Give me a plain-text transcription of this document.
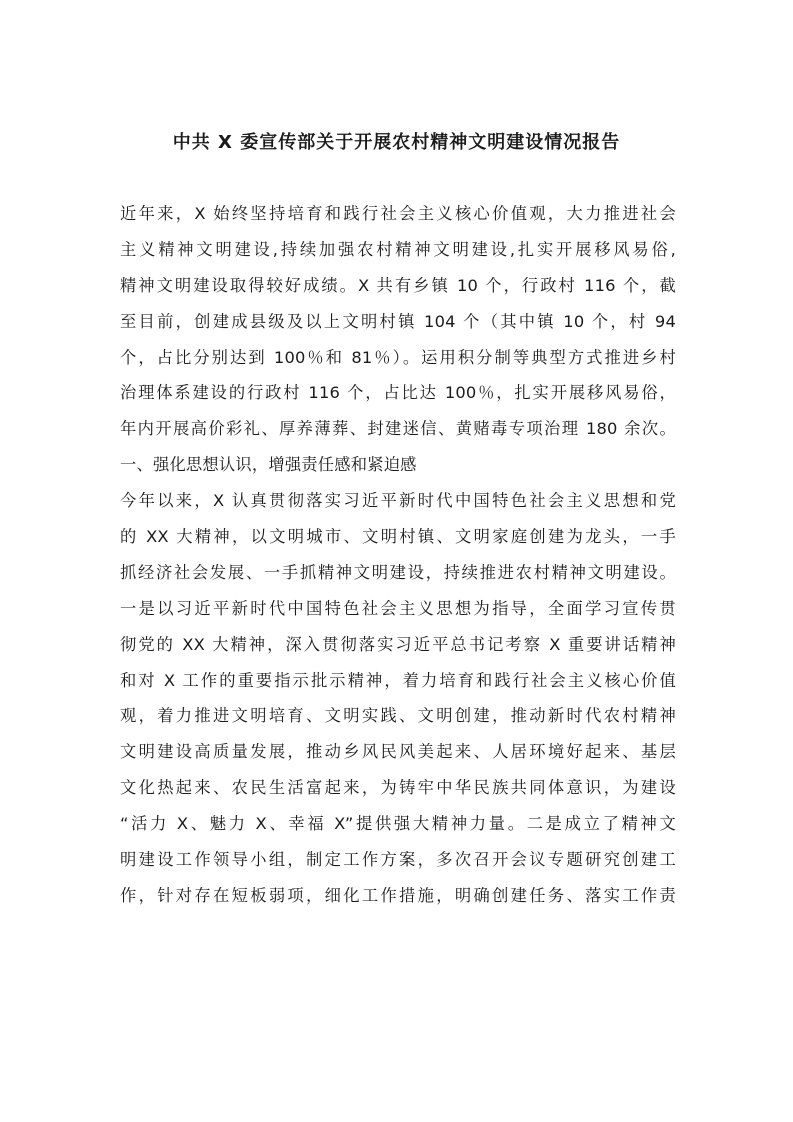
中共 X 委宣传部关于开展农村精神文明建设情况报告
近年来，X 始终坚持培育和践行社会主义核心价值观，大力推进社会
主义精神文明建设,持续加强农村精神文明建设,扎实开展移风易俗,
精神文明建设取得较好成绩。X 共有乡镇 10 个，行政村 116 个，截
至目前，创建成县级及以上文明村镇 104 个（其中镇 10 个，村 94
个，占比分别达到 100％和 81％）。运用积分制等典型方式推进乡村
治理体系建设的行政村 116 个，占比达 100％，扎实开展移风易俗，
年内开展高价彩礼、厚养薄葬、封建迷信、黄赌毒专项治理 180 余次。
一、强化思想认识，增强责任感和紧迫感
今年以来，X 认真贯彻落实习近平新时代中国特色社会主义思想和党
的 XX 大精神，以文明城市、文明村镇、文明家庭创建为龙头，一手
抓经济社会发展、一手抓精神文明建设，持续推进农村精神文明建设。
一是以习近平新时代中国特色社会主义思想为指导，全面学习宣传贯
彻党的 XX 大精神，深入贯彻落实习近平总书记考察 X 重要讲话精神
和对 X 工作的重要指示批示精神，着力培育和践行社会主义核心价值
观，着力推进文明培育、文明实践、文明创建，推动新时代农村精神
文明建设高质量发展，推动乡风民风美起来、人居环境好起来、基层
文化热起来、农民生活富起来，为铸牢中华民族共同体意识，为建设
“活力 X、魅力 X、幸福 X”提供强大精神力量。二是成立了精神文
明建设工作领导小组，制定工作方案，多次召开会议专题研究创建工
作，针对存在短板弱项，细化工作措施，明确创建任务、落实工作责
